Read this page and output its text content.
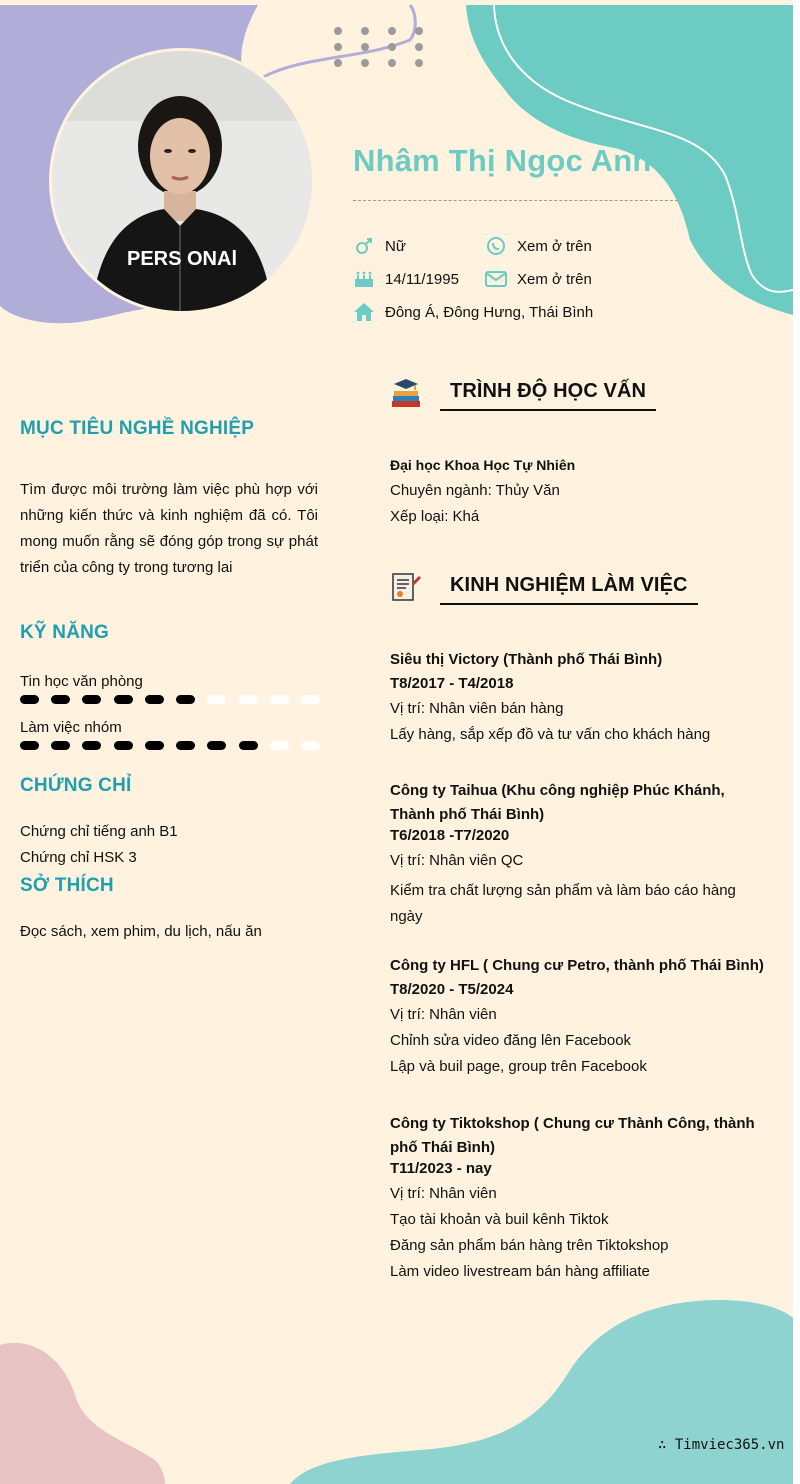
PERS ONAl
Nhâm Thị Ngọc Anh
Nữ	Xem ở trên
14/11/1995	Xem ở trên
Đông Á, Đông Hưng, Thái Bình
MỤC TIÊU NGHỀ NGHIỆP
Tìm được môi trường làm việc phù hợp với những kiến thức và kinh nghiệm đã có. Tôi mong muốn rằng sẽ đóng góp trong sự phát triển của công ty trong tương lai
KỸ NĂNG
Tin học văn phòng
Làm việc nhóm
CHỨNG CHỈ
Chứng chỉ tiếng anh B1
Chứng chỉ HSK 3
SỞ THÍCH
Đọc sách, xem phim, du lịch, nấu ăn
TRÌNH ĐỘ HỌC VẤN
Đại học Khoa Học Tự Nhiên
Chuyên ngành: Thủy Văn
Xếp loại: Khá
KINH NGHIỆM LÀM VIỆC
Siêu thị Victory (Thành phố Thái Bình)
T8/2017 - T4/2018
Vị trí: Nhân viên bán hàng
Lấy hàng, sắp xếp đồ và tư vấn cho khách hàng
Công ty Taihua (Khu công nghiệp Phúc Khánh, Thành phố Thái Bình)
T6/2018 -T7/2020
Vị trí: Nhân viên QC
Kiểm tra chất lượng sản phẩm và làm báo cáo hàng ngày
Công ty HFL ( Chung cư Petro, thành phố Thái Bình)
T8/2020 - T5/2024
Vị trí: Nhân viên
Chỉnh sửa video đăng lên Facebook
Lập và buil page, group trên Facebook
Công ty Tiktokshop ( Chung cư Thành Công, thành phố Thái Bình)
T11/2023 - nay
Vị trí: Nhân viên
Tạo tài khoản và buil kênh Tiktok
Đăng sản phẩm bán hàng trên Tiktokshop
Làm video livestream bán hàng affiliate
∴ Timviec365.vn
